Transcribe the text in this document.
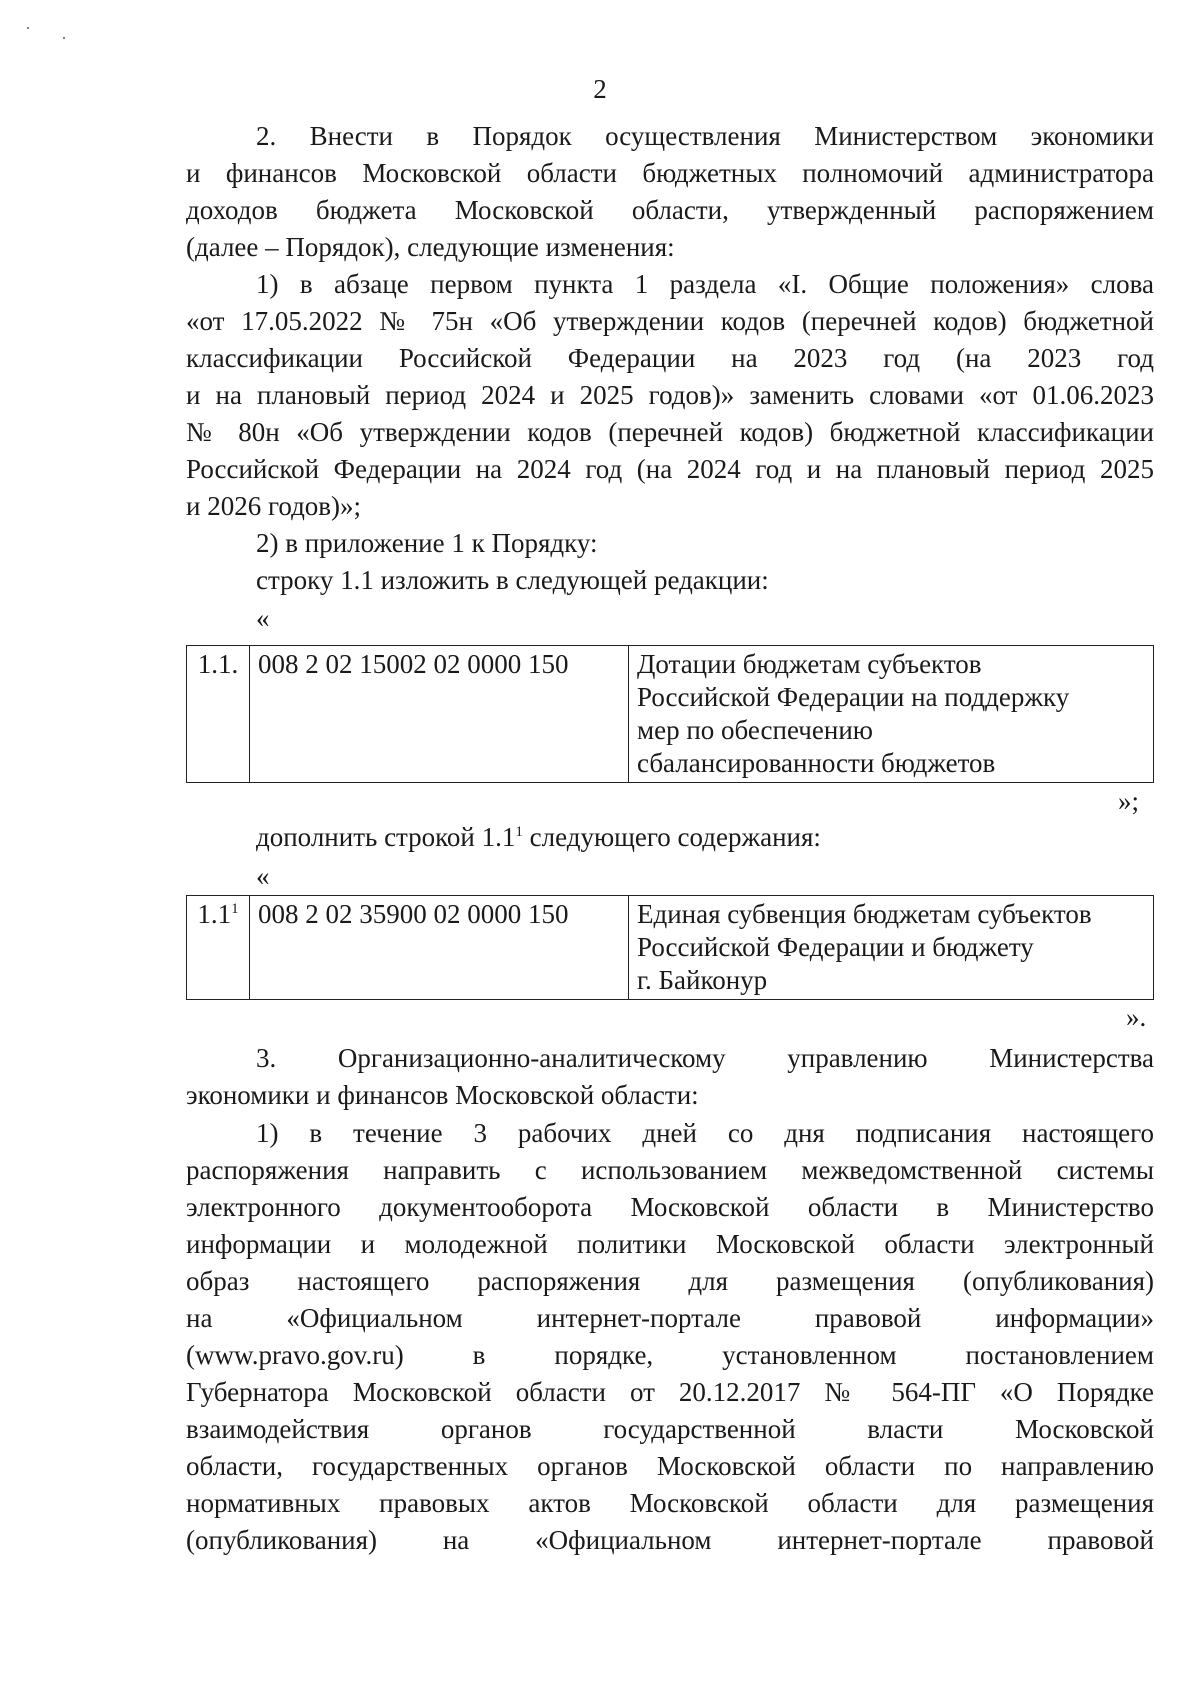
2
2. Внести в Порядок осуществления Министерством экономики
и финансов Московской области бюджетных полномочий администратора
доходов бюджета Московской области, утвержденный распоряжением
(далее – Порядок), следующие изменения:
1) в абзаце первом пункта 1 раздела «I. Общие положения» слова
«от 17.05.2022 № 75н «Об утверждении кодов (перечней кодов) бюджетной
классификации Российской Федерации на 2023 год (на 2023 год
и на плановый период 2024 и 2025 годов)» заменить словами «от 01.06.2023
№ 80н «Об утверждении кодов (перечней кодов) бюджетной классификации
Российской Федерации на 2024 год (на 2024 год и на плановый период 2025
и 2026 годов)»;
2) в приложение 1 к Порядку:
строку 1.1 изложить в следующей редакции:
«
1.1.	008 2 02 15002 02 0000 150	Дотации бюджетам субъектов
Российской Федерации на поддержку
мер по обеспечению
сбалансированности бюджетов
»;
дополнить строкой $1.1^1$ следующего содержания:
«
$1.1^1$	008 2 02 35900 02 0000 150	Единая субвенция бюджетам субъектов
Российской Федерации и бюджету
г. Байконур
».
3. Организационно-аналитическому управлению Министерства
экономики и финансов Московской области:
1) в течение 3 рабочих дней со дня подписания настоящего
распоряжения направить с использованием межведомственной системы
электронного документооборота Московской области в Министерство
информации и молодежной политики Московской области электронный
образ настоящего распоряжения для размещения (опубликования)
на «Официальном интернет-портале правовой информации»
(www.pravo.gov.ru) в порядке, установленном постановлением
Губернатора Московской области от 20.12.2017 № 564-ПГ «О Порядке
взаимодействия органов государственной власти Московской
области, государственных органов Московской области по направлению
нормативных правовых актов Московской области для размещения
(опубликования) на «Официальном интернет-портале правовой
